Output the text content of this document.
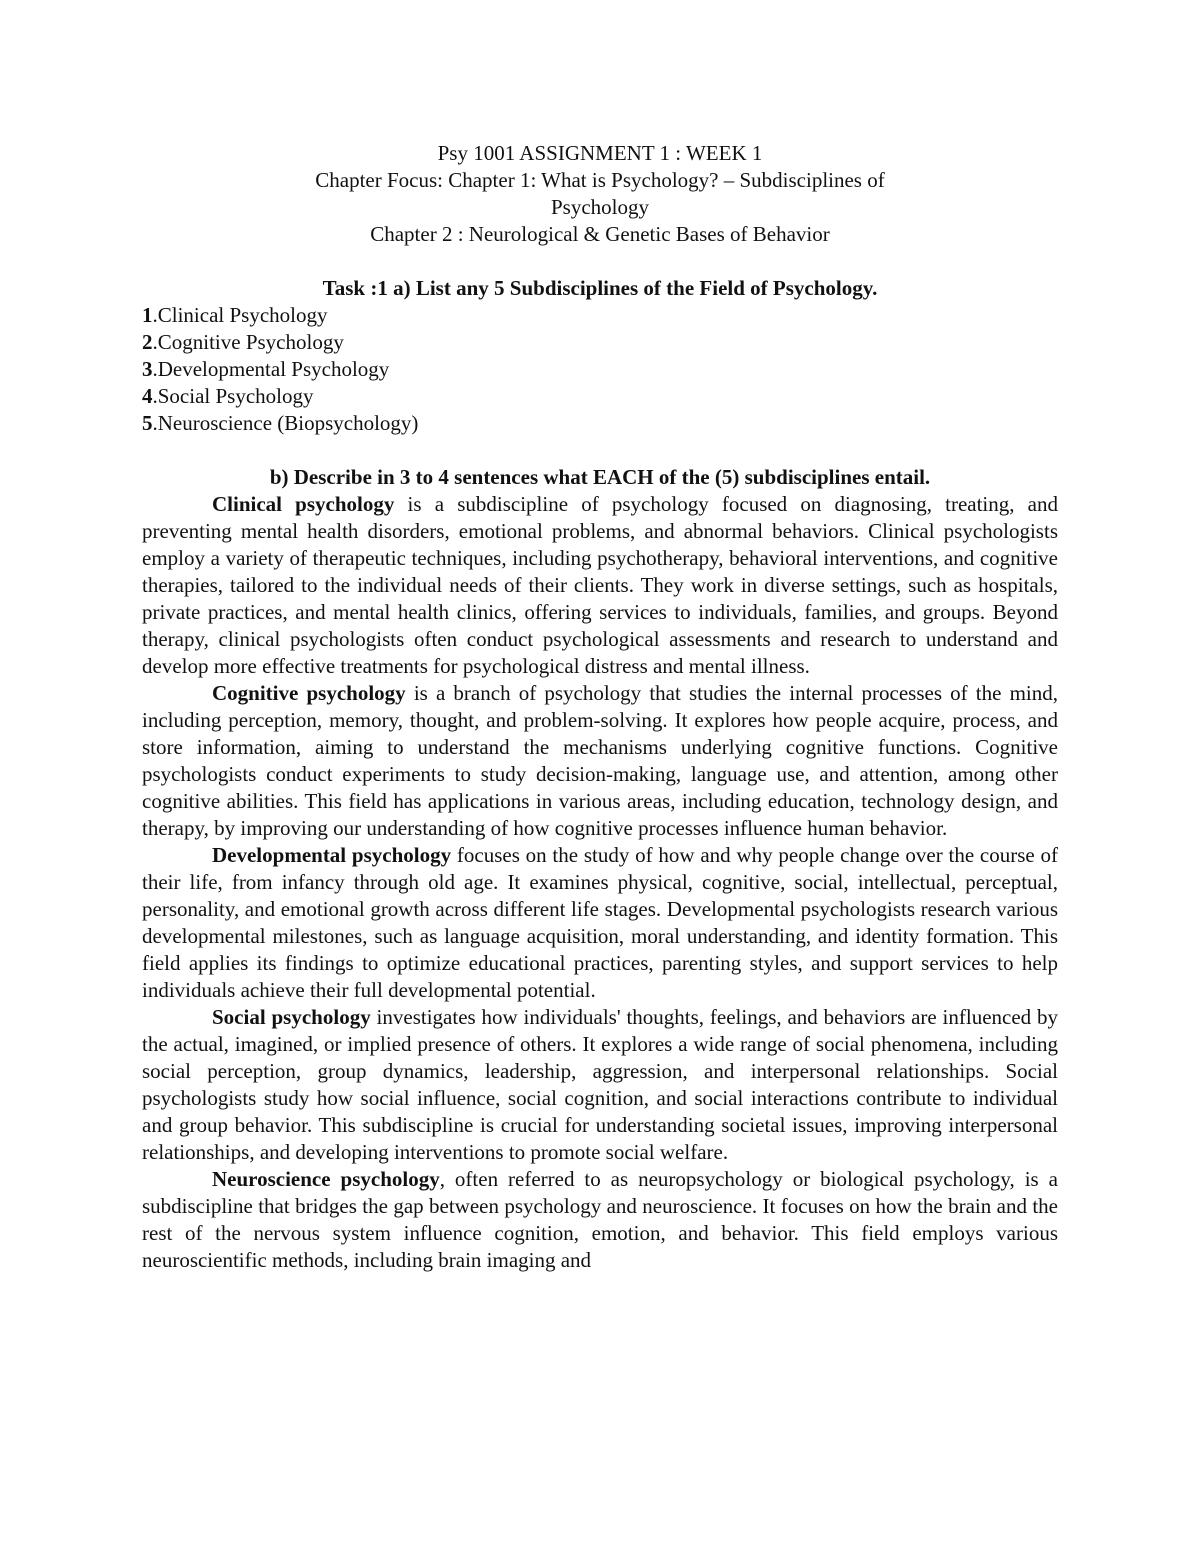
Psy 1001 ASSIGNMENT 1 : WEEK 1
Chapter Focus: Chapter 1: What is Psychology? – Subdisciplines of
Psychology
Chapter 2 : Neurological & Genetic Bases of Behavior
Task :1 a) List any 5 Subdisciplines of the Field of Psychology.
1.Clinical Psychology
2.Cognitive Psychology
3.Developmental Psychology
4.Social Psychology
5.Neuroscience (Biopsychology)
b) Describe in 3 to 4 sentences what EACH of the (5) subdisciplines entail.

Clinical psychology is a subdiscipline of psychology focused on diagnosing, treating, and preventing mental health disorders, emotional problems, and abnormal behaviors. Clinical psychologists employ a variety of therapeutic techniques, including psychotherapy, behavioral interventions, and cognitive therapies, tailored to the individual needs of their clients. They work in diverse settings, such as hospitals, private practices, and mental health clinics, offering services to individuals, families, and groups. Beyond therapy, clinical psychologists often conduct psychological assessments and research to understand and develop more effective treatments for psychological distress and mental illness.

Cognitive psychology is a branch of psychology that studies the internal processes of the mind, including perception, memory, thought, and problem-solving. It explores how people acquire, process, and store information, aiming to understand the mechanisms underlying cognitive functions. Cognitive psychologists conduct experiments to study decision-making, language use, and attention, among other cognitive abilities. This field has applications in various areas, including education, technology design, and therapy, by improving our understanding of how cognitive processes influence human behavior.

Developmental psychology focuses on the study of how and why people change over the course of their life, from infancy through old age. It examines physical, cognitive, social, intellectual, perceptual, personality, and emotional growth across different life stages. Developmental psychologists research various developmental milestones, such as language acquisition, moral understanding, and identity formation. This field applies its findings to optimize educational practices, parenting styles, and support services to help individuals achieve their full developmental potential.

Social psychology investigates how individuals' thoughts, feelings, and behaviors are influenced by the actual, imagined, or implied presence of others. It explores a wide range of social phenomena, including social perception, group dynamics, leadership, aggression, and interpersonal relationships. Social psychologists study how social influence, social cognition, and social interactions contribute to individual and group behavior. This subdiscipline is crucial for understanding societal issues, improving interpersonal relationships, and developing interventions to promote social welfare.

Neuroscience psychology, often referred to as neuropsychology or biological psychology, is a subdiscipline that bridges the gap between psychology and neuroscience. It focuses on how the brain and the rest of the nervous system influence cognition, emotion, and behavior. This field employs various neuroscientific methods, including brain imaging and
